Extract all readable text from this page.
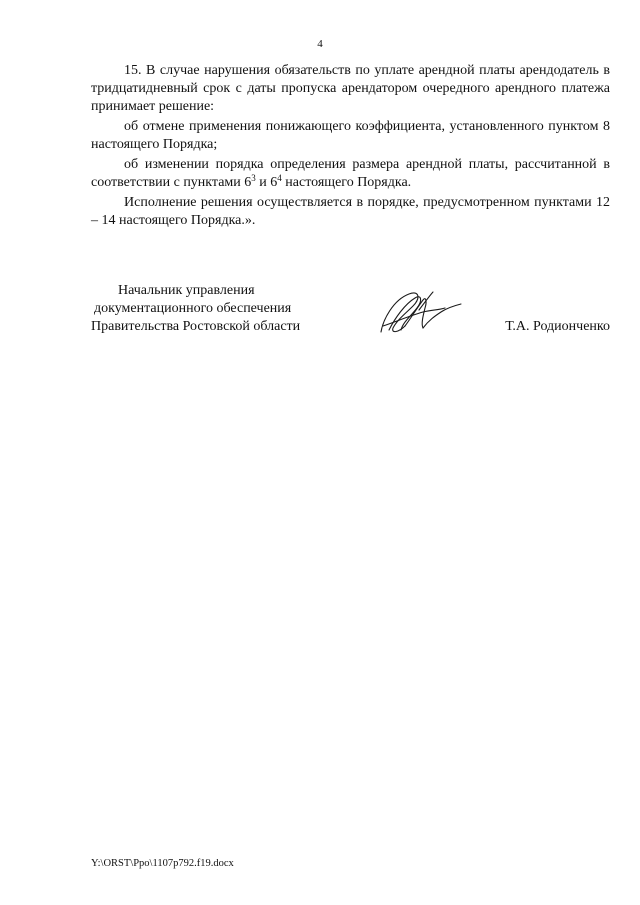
4

15. В случае нарушения обязательств по уплате арендной платы арендодатель в тридцатидневный срок с даты пропуска арендатором очередного арендного платежа принимает решение:

об отмене применения понижающего коэффициента, установленного пунктом 8 настоящего Порядка;

об изменении порядка определения размера арендной платы, рассчитанной в соответствии с пунктами $6^3$ и $6^4$ настоящего Порядка.

Исполнение решения осуществляется в порядке, предусмотренном пунктами 12 – 14 настоящего Порядка.».

Начальник управления
документационного обеспечения
Правительства Ростовской области	Т.А. Родионченко
Y:\ORST\Ppo\1107p792.f19.docx
